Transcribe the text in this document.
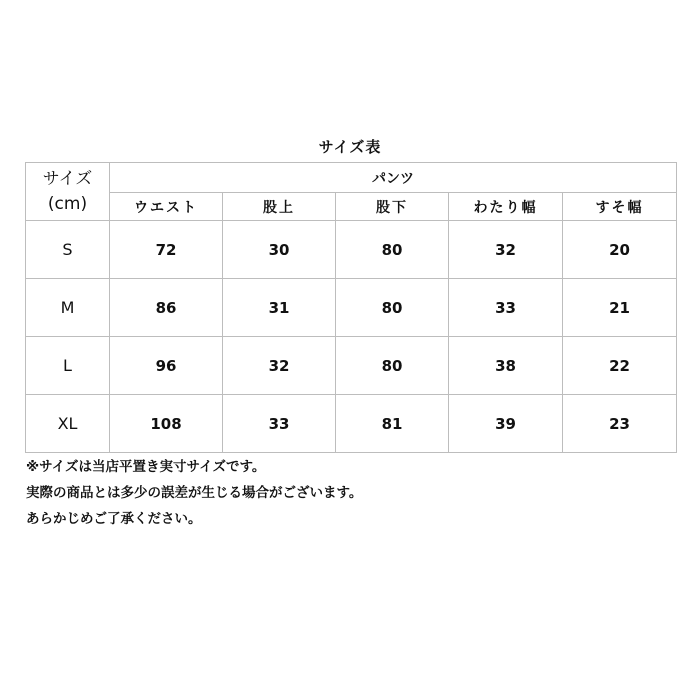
サイズ表
サイズ
(cm)	パンツ				
	ウエスト	股上	股下	わたり幅	すそ幅
S	72	30	80	32	20
M	86	31	80	33	21
L	96	32	80	38	22
XL	108	33	81	39	23
※サイズは当店平置き実寸サイズです。
実際の商品とは多少の誤差が生じる場合がございます。
あらかじめご了承ください。
